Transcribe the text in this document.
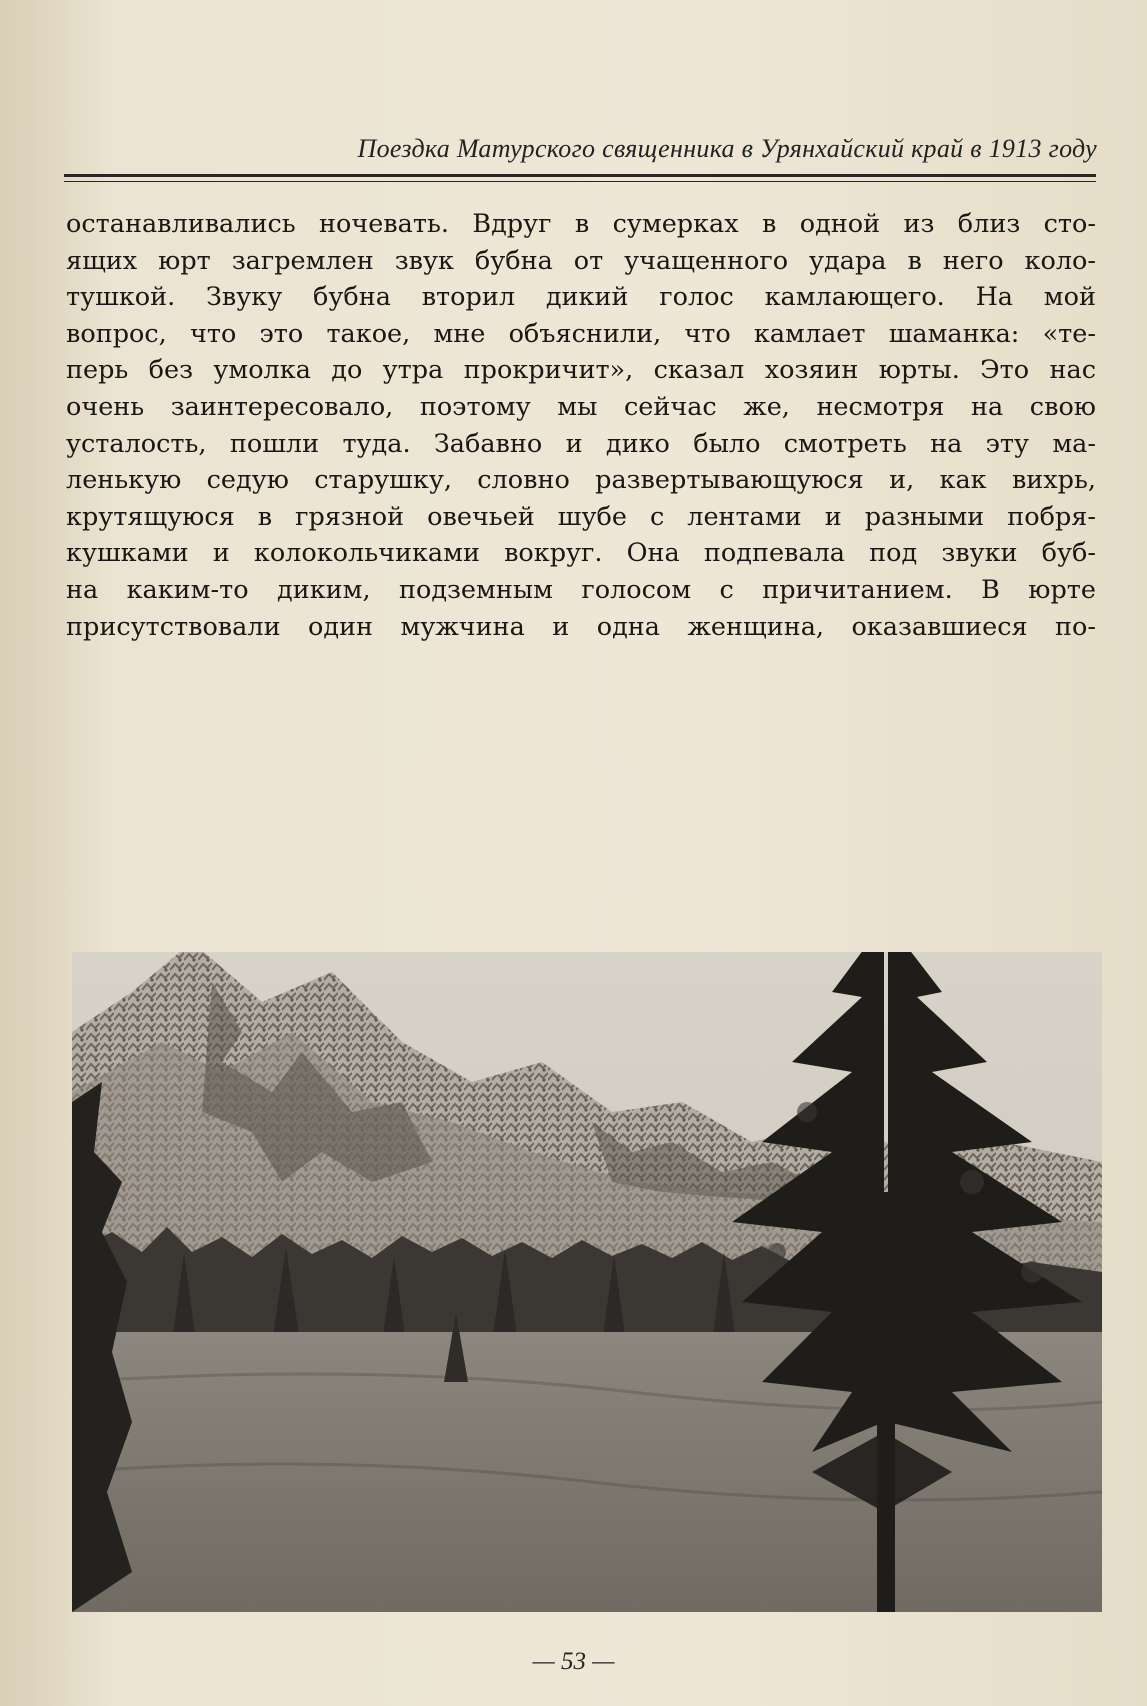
Поездка Матурского священника в Урянхайский край в 1913 году
останавливались ночевать. Вдруг в сумерках в одной из близ сто-
ящих юрт загремлен звук бубна от учащенного удара в него коло-
тушкой. Звуку бубна вторил дикий голос камлающего. На мой
вопрос, что это такое, мне объяснили, что камлает шаманка: «те-
перь без умолка до утра прокричит», сказал хозяин юрты. Это нас
очень заинтересовало, поэтому мы сейчас же, несмотря на свою
усталость, пошли туда. Забавно и дико было смотреть на эту ма-
ленькую седую старушку, словно развертывающуюся и, как вихрь,
крутящуюся в грязной овечьей шубе с лентами и разными побря-
кушками и колокольчиками вокруг. Она подпевала под звуки буб-
на каким-то диким, подземным голосом с причитанием. В юрте
присутствовали один мужчина и одна женщина, оказавшиеся по-
— 53 —
